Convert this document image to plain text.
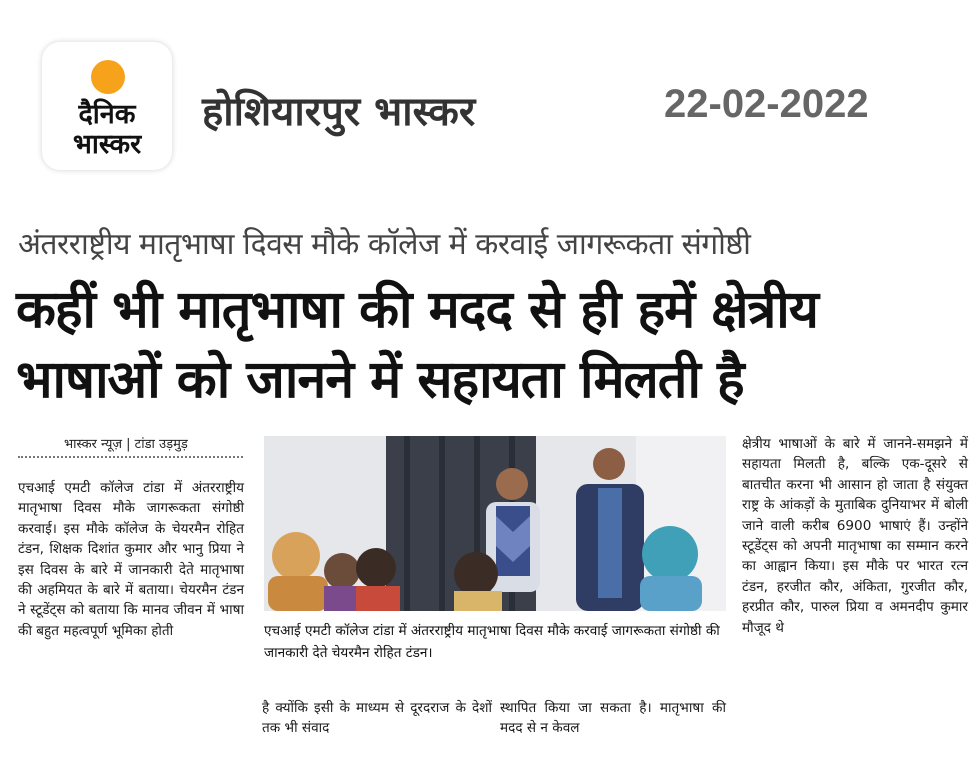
दैनिक
भास्कर
होशियारपुर भास्कर	22-02-2022
अंतरराष्ट्रीय मातृभाषा दिवस मौके कॉलेज में करवाई जागरूकता संगोष्ठी
कहीं भी मातृभाषा की मदद से ही हमें क्षेत्रीय भाषाओं को जानने में सहायता मिलती है
भास्कर न्यूज़ | टांडा उड़मुड़
एचआई एमटी कॉलेज टांडा में अंतरराष्ट्रीय मातृभाषा दिवस मौके जागरूकता संगोष्ठी करवाई। इस मौके कॉलेज के चेयरमैन रोहित टंडन, शिक्षक दिशांत कुमार और भानु प्रिया ने इस दिवस के बारे में जानकारी देते मातृभाषा की अहमियत के बारे में बताया। चेयरमैन टंडन ने स्टूडेंट्स को बताया कि मानव जीवन में भाषा की बहुत महत्वपूर्ण भूमिका होती	एचआई एमटी कॉलेज टांडा में अंतरराष्ट्रीय मातृभाषा दिवस मौके करवाई जागरूकता संगोष्ठी की जानकारी देते चेयरमैन रोहित टंडन।
है क्योंकि इसी के माध्यम से दूरदराज के देशों तक भी संवाद
स्थापित किया जा सकता है। मातृभाषा की मदद से न केवल
क्षेत्रीय भाषाओं के बारे में जानने-समझने में सहायता मिलती है, बल्कि एक-दूसरे से बातचीत करना भी आसान हो जाता है संयुक्त राष्ट्र के आंकड़ों के मुताबिक दुनियाभर में बोली जाने वाली करीब 6900 भाषाएं हैं। उन्होंने स्टूडेंट्स को अपनी मातृभाषा का सम्मान करने का आह्वान किया। इस मौके पर भारत रत्न टंडन, हरजीत कौर, अंकिता, गुरजीत कौर, हरप्रीत कौर, पारुल प्रिया व अमनदीप कुमार मौजूद थे
